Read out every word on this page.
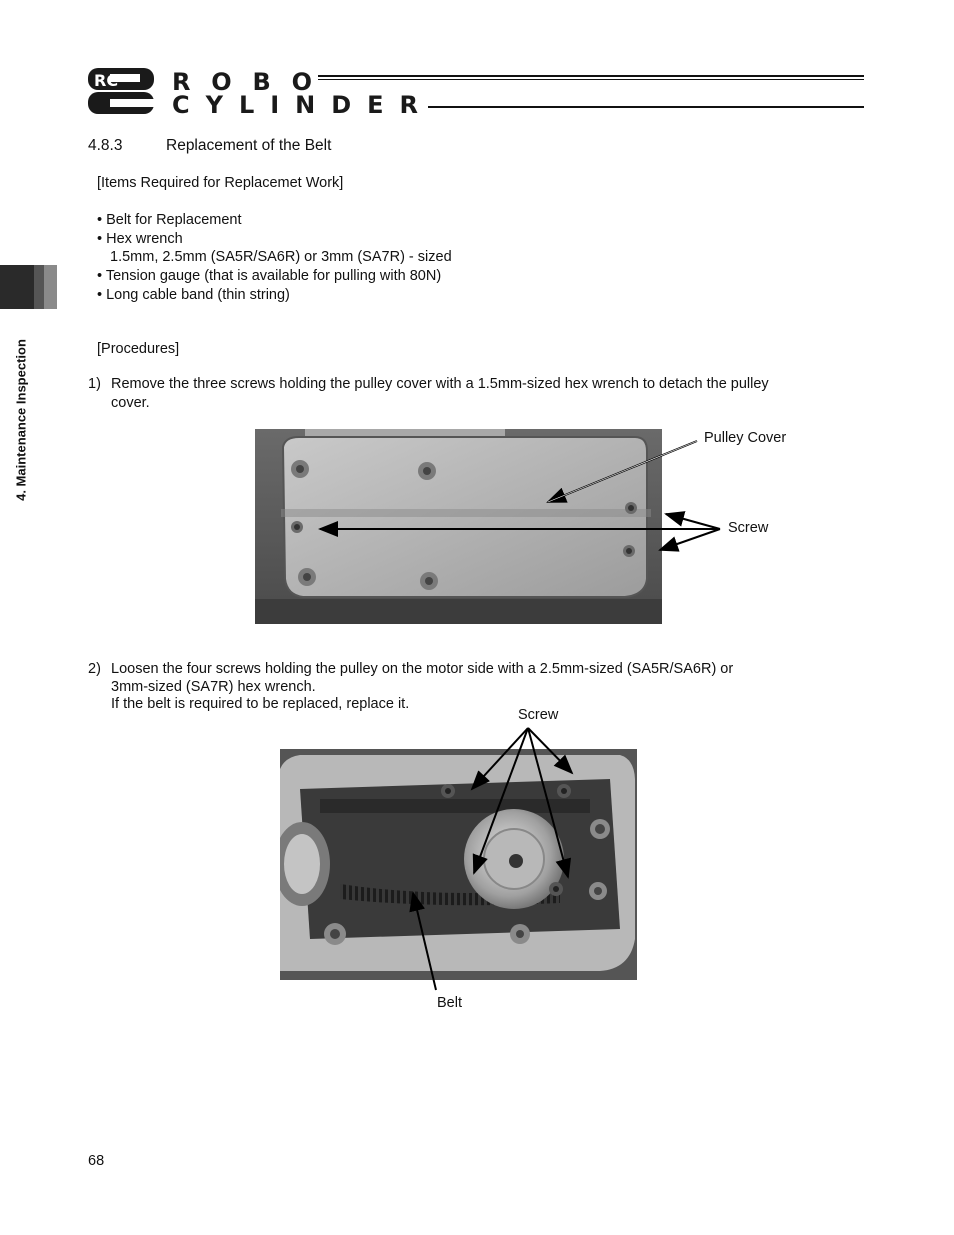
RC ROBO
CYLINDER
4. Maintenance Inspection
4.8.3	Replacement of the Belt
[Items Required for Replacemet Work]
• Belt for Replacement
• Hex wrench
1.5mm, 2.5mm (SA5R/SA6R) or 3mm (SA7R) - sized
• Tension gauge (that is available for pulling with 80N)
• Long cable band (thin string)
[Procedures]
1) Remove the three screws holding the pulley cover with a 1.5mm-sized hex wrench to detach the pulley
cover.
Pulley Cover
Screw
2) Loosen the four screws holding the pulley on the motor side with a 2.5mm-sized (SA5R/SA6R) or
3mm-sized (SA7R) hex wrench.
If the belt is required to be replaced, replace it.
Screw
Belt
68
